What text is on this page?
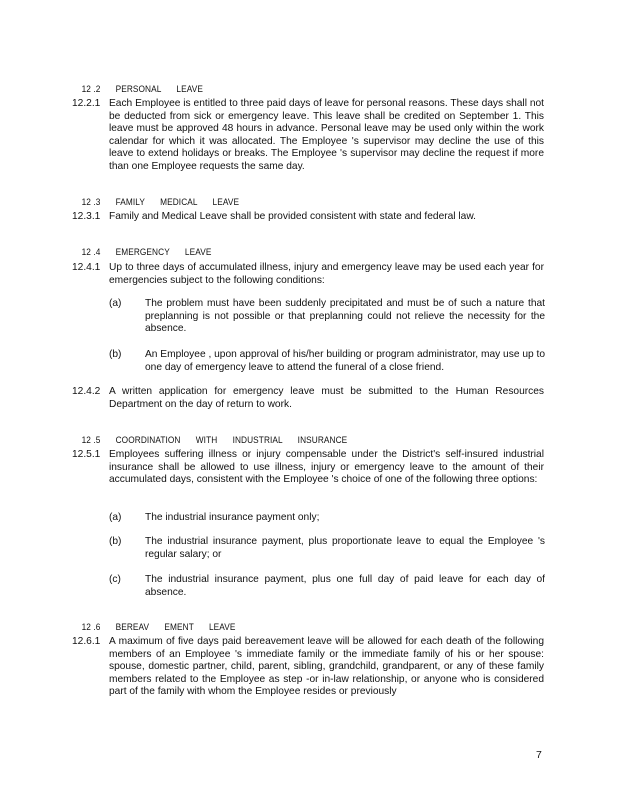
12 .2 PERSONAL LEAVE

12.2.1 Each Employee is entitled to three paid days of leave for personal reasons. These days shall not be deducted from sick or emergency leave. This leave shall be credited on September 1. This leave must be approved 48 hours in advance. Personal leave may be used only within the work calendar for which it was allocated. The Employee 's supervisor may decline the use of this leave to extend holidays or breaks. The Employee 's supervisor may decline the request if more than one Employee requests the same day.

12 .3 FAMILY MEDICAL LEAVE

12.3.1 Family and Medical Leave shall be provided consistent with state and federal law.

12 .4 EMERGENCY LEAVE

12.4.1 Up to three days of accumulated illness, injury and emergency leave may be used each year for emergencies subject to the following conditions:
(a)	The problem must have been suddenly precipitated and must be of such a nature that preplanning is not possible or that preplanning could not relieve the necessity for the absence.
(b)	An Employee , upon approval of his/her building or program administrator, may use up to one day of emergency leave to attend the funeral of a close friend.
12.4.2 A written application for emergency leave must be submitted to the Human Resources Department on the day of return to work.

12 .5 COORDINATION WITH INDUSTRIAL INSURANCE

12.5.1 Employees suffering illness or injury compensable under the District's self-insured industrial insurance shall be allowed to use illness, injury or emergency leave to the amount of their accumulated days, consistent with the Employee 's choice of one of the following three options:
(a)	The industrial insurance payment only;
(b)	The industrial insurance payment, plus proportionate leave to equal the Employee 's regular salary; or
(c)	The industrial insurance payment, plus one full day of paid leave for each day of absence.

12 .6 BEREAV EMENT LEAVE

12.6.1 A maximum of five days paid bereavement leave will be allowed for each death of the following members of an Employee 's immediate family or the immediate family of his or her spouse: spouse, domestic partner, child, parent, sibling, grandchild, grandparent, or any of these family members related to the Employee as step -or in-law relationship, or anyone who is considered part of the family with whom the Employee resides or previously
7
